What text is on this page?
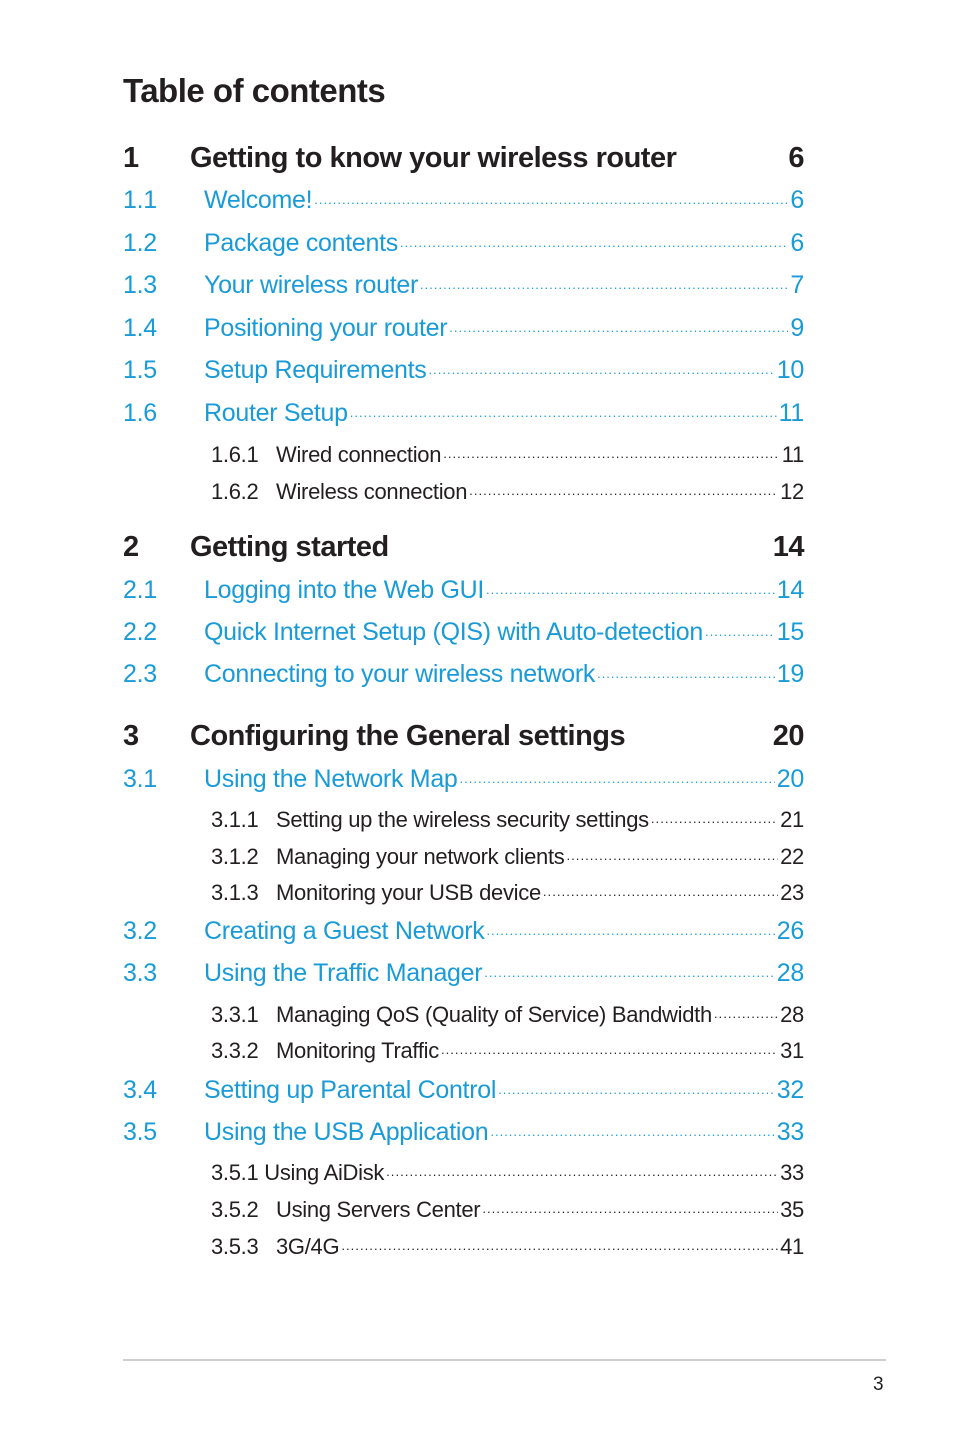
Table of contents
1	Getting to know your wireless router	6
1.1	Welcome! .....	6
1.2	Package contents .....	6
1.3	Your wireless router .....	7
1.4	Positioning your router .....	9
1.5	Setup Requirements .....	10
1.6	Router Setup .....	11
1.6.1 Wired connection .....	11
1.6.2 Wireless connection .....	12
2	Getting started	14
2.1	Logging into the Web GUI .....	14
2.2	Quick Internet Setup (QIS) with Auto-detection .....	15
2.3	Connecting to your wireless network .....	19
3	Configuring the General settings	20
3.1	Using the Network Map .....	20
3.1.1 Setting up the wireless security settings .....	21
3.1.2 Managing your network clients .....	22
3.1.3 Monitoring your USB device .....	23
3.2	Creating a Guest Network .....	26
3.3	Using the Traffic Manager .....	28
3.3.1 Managing QoS (Quality of Service) Bandwidth .....	28
3.3.2 Monitoring Traffic .....	31
3.4	Setting up Parental Control .....	32
3.5	Using the USB Application .....	33
3.5.1 Using AiDisk .....	33
3.5.2 Using Servers Center .....	35
3.5.3 3G/4G .....	41
3
